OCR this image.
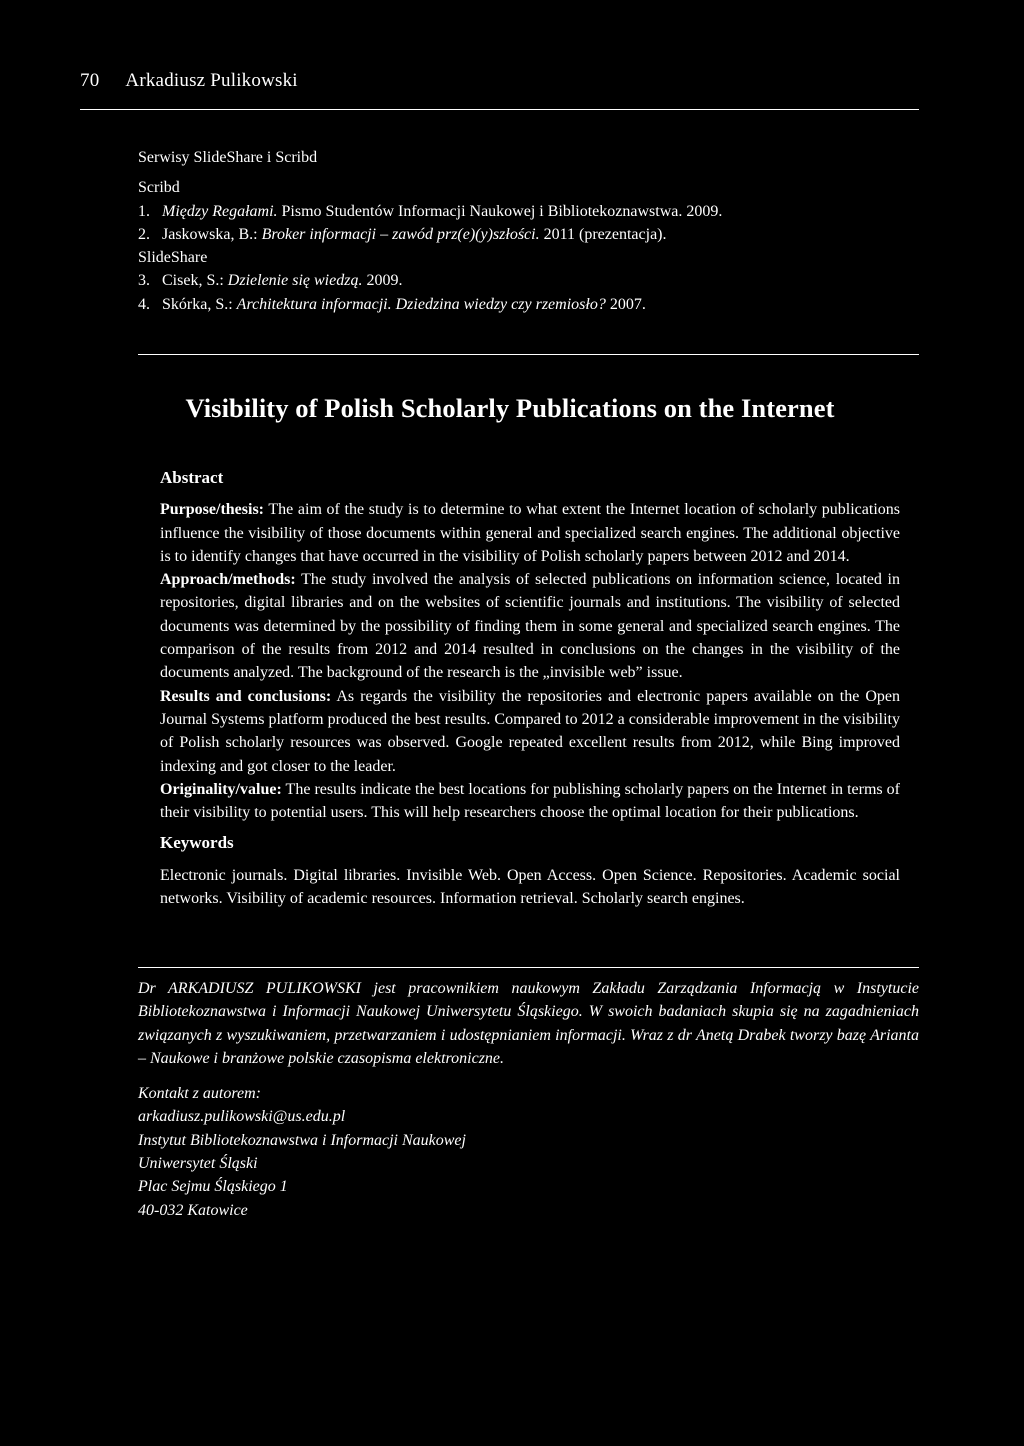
70 Arkadiusz Pulikowski
Serwisy SlideShare i Scribd
Scribd
1. Między Regałami. Pismo Studentów Informacji Naukowej i Bibliotekoznawstwa. 2009.
2. Jaskowska, B.: Broker informacji – zawód prz(e)(y)szłości. 2011 (prezentacja).
SlideShare
3. Cisek, S.: Dzielenie się wiedzą. 2009.
4. Skórka, S.: Architektura informacji. Dziedzina wiedzy czy rzemiosło? 2007.
Visibility of Polish Scholarly Publications on the Internet
Abstract

Purpose/thesis: The aim of the study is to determine to what extent the Internet location of scholarly publications influence the visibility of those documents within general and specialized search engines. The additional objective is to identify changes that have occurred in the visibility of Polish scholarly papers between 2012 and 2014.

Approach/methods: The study involved the analysis of selected publications on information science, located in repositories, digital libraries and on the websites of scientific journals and institutions. The visibility of selected documents was determined by the possibility of finding them in some general and specialized search engines. The comparison of the results from 2012 and 2014 resulted in conclusions on the changes in the visibility of the documents analyzed. The background of the research is the „invisible web” issue.

Results and conclusions: As regards the visibility the repositories and electronic papers available on the Open Journal Systems platform produced the best results. Compared to 2012 a considerable improvement in the visibility of Polish scholarly resources was observed. Google repeated excellent results from 2012, while Bing improved indexing and got closer to the leader.

Originality/value: The results indicate the best locations for publishing scholarly papers on the Internet in terms of their visibility to potential users. This will help researchers choose the optimal location for their publications.

Keywords

Electronic journals. Digital libraries. Invisible Web. Open Access. Open Science. Repositories. Academic social networks. Visibility of academic resources. Information retrieval. Scholarly search engines.

Dr ARKADIUSZ PULIKOWSKI jest pracownikiem naukowym Zakładu Zarządzania Informacją w Instytucie Bibliotekoznawstwa i Informacji Naukowej Uniwersytetu Śląskiego. W swoich badaniach skupia się na zagadnieniach związanych z wyszukiwaniem, przetwarzaniem i udostępnianiem informacji. Wraz z dr Anetą Drabek tworzy bazę Arianta – Naukowe i branżowe polskie czasopisma elektroniczne.

Kontakt z autorem:
arkadiusz.pulikowski@us.edu.pl
Instytut Bibliotekoznawstwa i Informacji Naukowej
Uniwersytet Śląski
Plac Sejmu Śląskiego 1
40-032 Katowice
